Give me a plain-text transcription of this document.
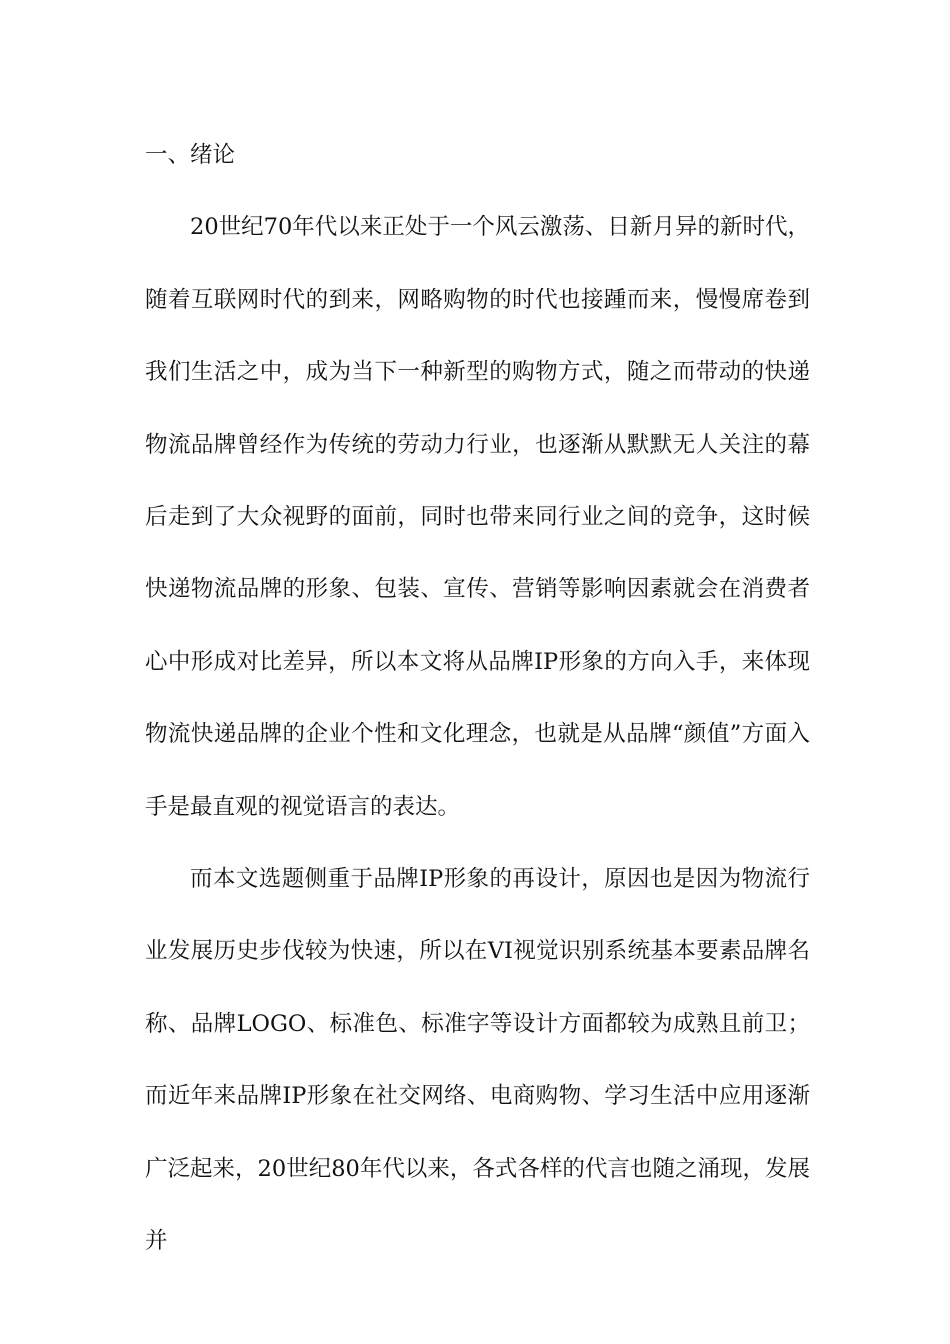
一、绪论

20世纪70年代以来正处于一个风云激荡、日新月异的新时代，随着互联网时代的到来，网略购物的时代也接踵而来，慢慢席卷到我们生活之中，成为当下一种新型的购物方式，随之而带动的快递物流品牌曾经作为传统的劳动力行业，也逐渐从默默无人关注的幕后走到了大众视野的面前，同时也带来同行业之间的竞争，这时候快递物流品牌的形象、包装、宣传、营销等影响因素就会在消费者心中形成对比差异，所以本文将从品牌IP形象的方向入手，来体现物流快递品牌的企业个性和文化理念，也就是从品牌“颜值”方面入手是最直观的视觉语言的表达。

而本文选题侧重于品牌IP形象的再设计，原因也是因为物流行业发展历史步伐较为快速，所以在VI视觉识别系统基本要素品牌名称、品牌LOGO、标准色、标准字等设计方面都较为成熟且前卫；而近年来品牌IP形象在社交网络、电商购物、学习生活中应用逐渐广泛起来，20世纪80年代以来，各式各样的代言也随之涌现，发展并
